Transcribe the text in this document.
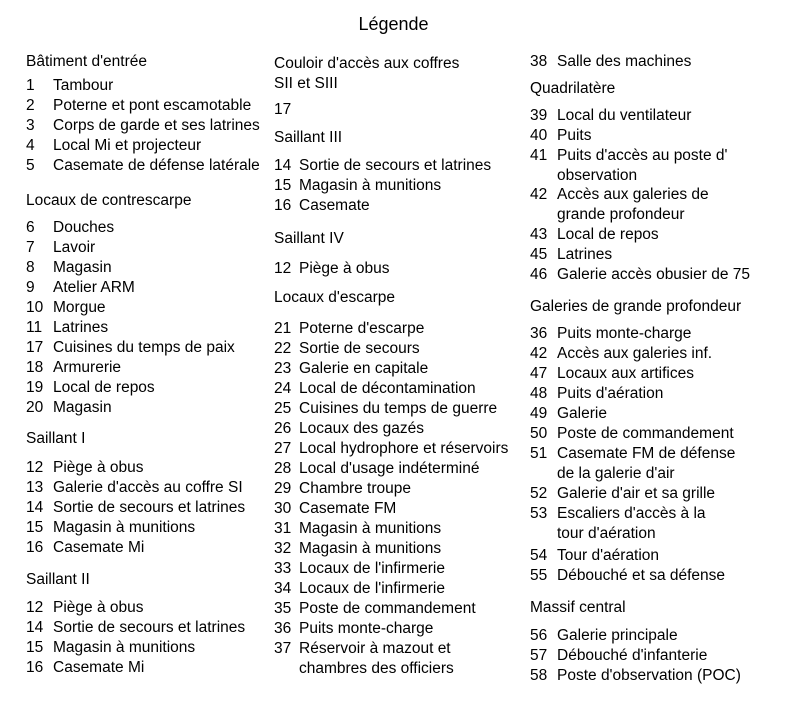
Légende
Bâtiment d'entrée
1	Tambour
2	Poterne et pont escamotable
3	Corps de garde et ses latrines
4	Local Mi et projecteur
5	Casemate de défense latérale
Locaux de contrescarpe
6	Douches
7	Lavoir
8	Magasin
9	Atelier ARM
10 Morgue
11 Latrines
17 Cuisines du temps de paix
18 Armurerie
19 Local de repos
20 Magasin
Saillant I
12 Piège à obus
13 Galerie d'accès au coffre SI
14 Sortie de secours et latrines
15 Magasin à munitions
16 Casemate Mi
Saillant II
12 Piège à obus
14 Sortie de secours et latrines
15 Magasin à munitions
16 Casemate Mi
Couloir d'accès aux coffres
SII et SIII
17
Saillant III
14 Sortie de secours et latrines
15 Magasin à munitions
16 Casemate
Saillant IV
12 Piège à obus
Locaux d'escarpe
21 Poterne d'escarpe
22 Sortie de secours
23 Galerie en capitale
24 Local de décontamination
25 Cuisines du temps de guerre
26 Locaux des gazés
27 Local hydrophore et réservoirs
28 Local d'usage indéterminé
29 Chambre troupe
30 Casemate FM
31 Magasin à munitions
32 Magasin à munitions
33 Locaux de l'infirmerie
34 Locaux de l'infirmerie
35 Poste de commandement
36 Puits monte-charge
37 Réservoir à mazout et
chambres des officiers
38 Salle des machines
Quadrilatère
39 Local du ventilateur
40 Puits
41 Puits d'accès au poste d'
observation
42 Accès aux galeries de
grande profondeur
43 Local de repos
45 Latrines
46 Galerie accès obusier de 75
Galeries de grande profondeur
36 Puits monte-charge
42 Accès aux galeries inf.
47 Locaux aux artifices
48 Puits d'aération
49 Galerie
50 Poste de commandement
51 Casemate FM de défense
de la galerie d'air
52 Galerie d'air et sa grille
53 Escaliers d'accès à la
tour d'aération
54 Tour d'aération
55 Débouché et sa défense
Massif central
56 Galerie principale
57 Débouché d'infanterie
58 Poste d'observation (POC)
